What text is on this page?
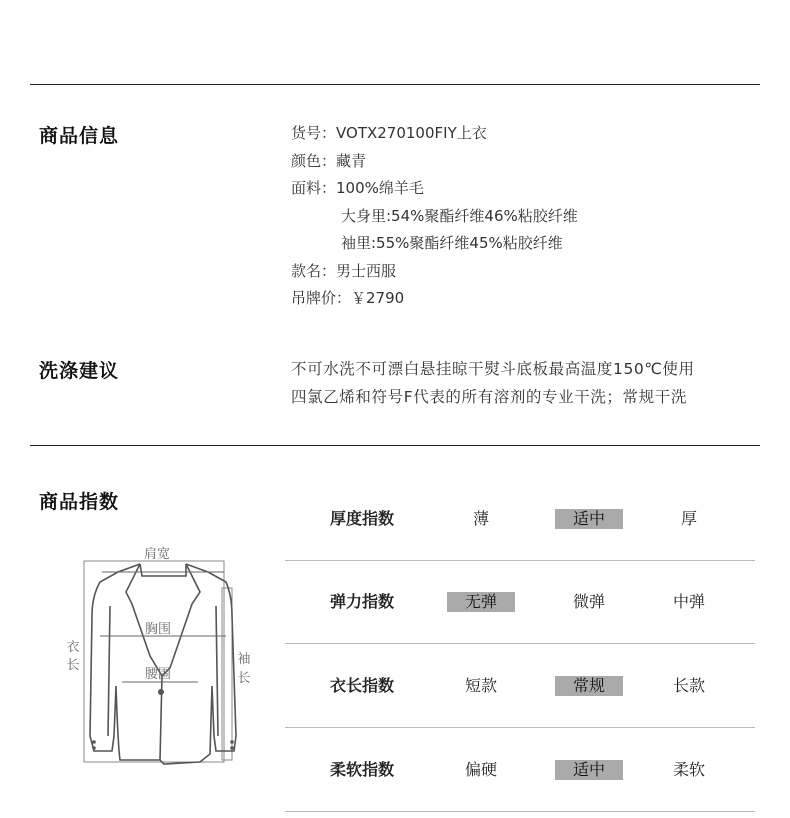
商品信息	货号：VOTX270100FIY上衣
颜色：藏青
面料：100%绵羊毛
大身里:54%聚酯纤维46%粘胶纤维
袖里:55%聚酯纤维45%粘胶纤维
款名：男士西服
吊牌价：￥2790
洗涤建议	不可水洗不可漂白悬挂晾干熨斗底板最高温度150℃使用
四氯乙烯和符号F代表的所有溶剂的专业干洗；常规干洗
商品指数
厚度指数	薄	适中	厚
弹力指数	无弹	微弹	中弹
衣长指数	短款	常规	长款
柔软指数	偏硬	适中	柔软
肩宽
胸围
腰围
衣
长	袖
长
